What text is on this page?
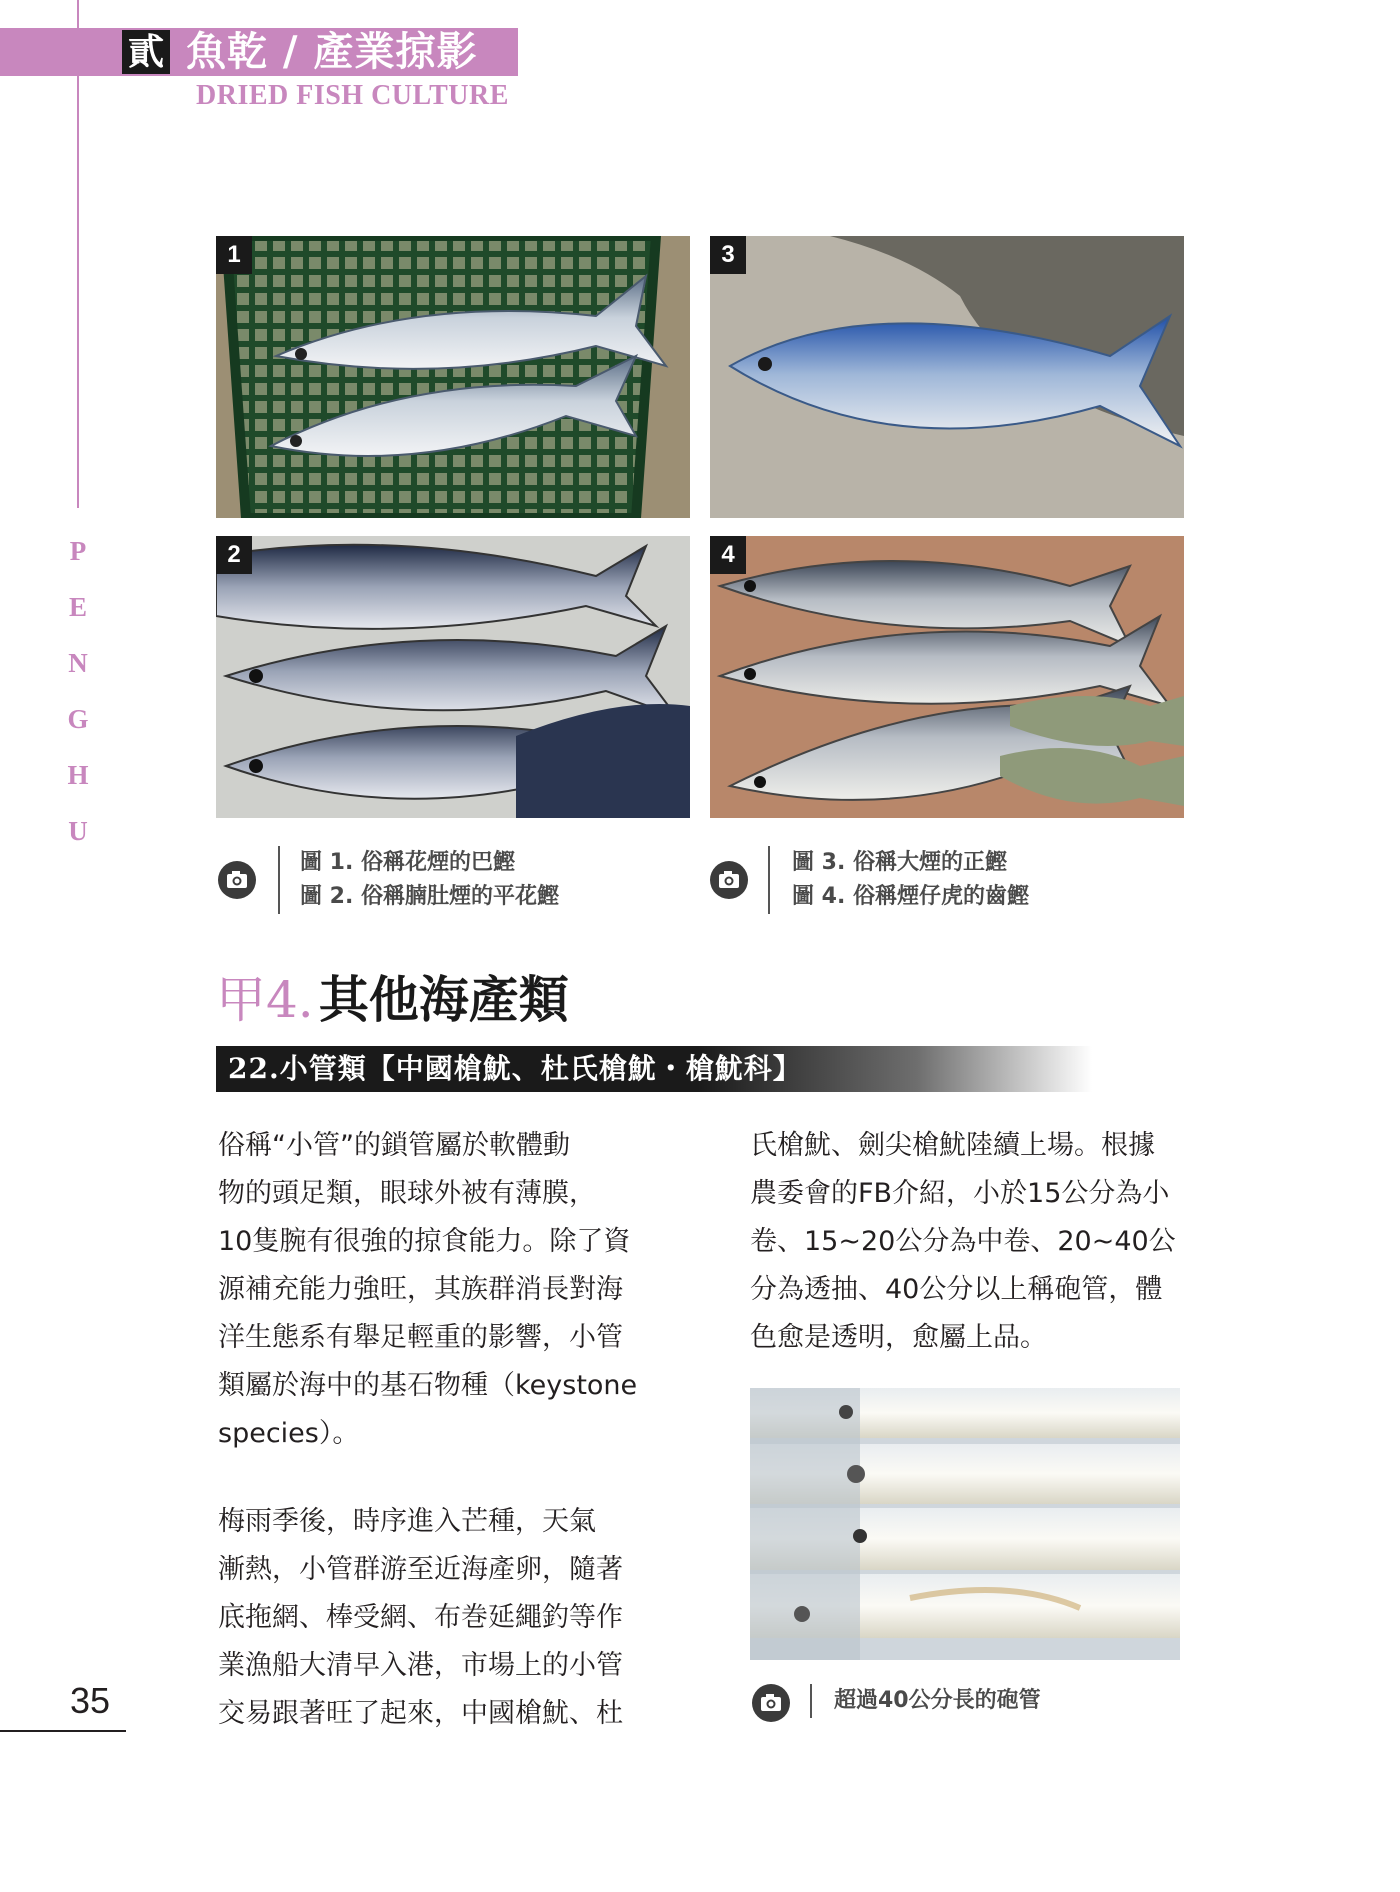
貳 魚乾 / 產業掠影
DRIED FISH CULTURE
P
E
N
G
H
U
1	3
2	4
圖 1. 俗稱花煙的巴鰹
圖 2. 俗稱腩肚煙的平花鰹
圖 3. 俗稱大煙的正鰹
圖 4. 俗稱煙仔虎的齒鰹
甲4. 其他海產類
22.小管類【中國槍魷、杜氏槍魷・槍魷科】
俗稱“小管”的鎖管屬於軟體動
物的頭足類，眼球外被有薄膜，
10隻腕有很強的掠食能力。除了資
源補充能力強旺，其族群消長對海
洋生態系有舉足輕重的影響，小管
類屬於海中的基石物種（keystone
species）。
梅雨季後，時序進入芒種，天氣
漸熱，小管群游至近海產卵，隨著
底拖網、棒受網、布巻延繩釣等作
業漁船大清早入港，市場上的小管
交易跟著旺了起來，中國槍魷、杜
氏槍魷、劍尖槍魷陸續上場。根據
農委會的FB介紹，小於15公分為小
卷、15~20公分為中卷、20~40公
分為透抽、40公分以上稱砲管，體
色愈是透明，愈屬上品。
超過40公分長的砲管
35
